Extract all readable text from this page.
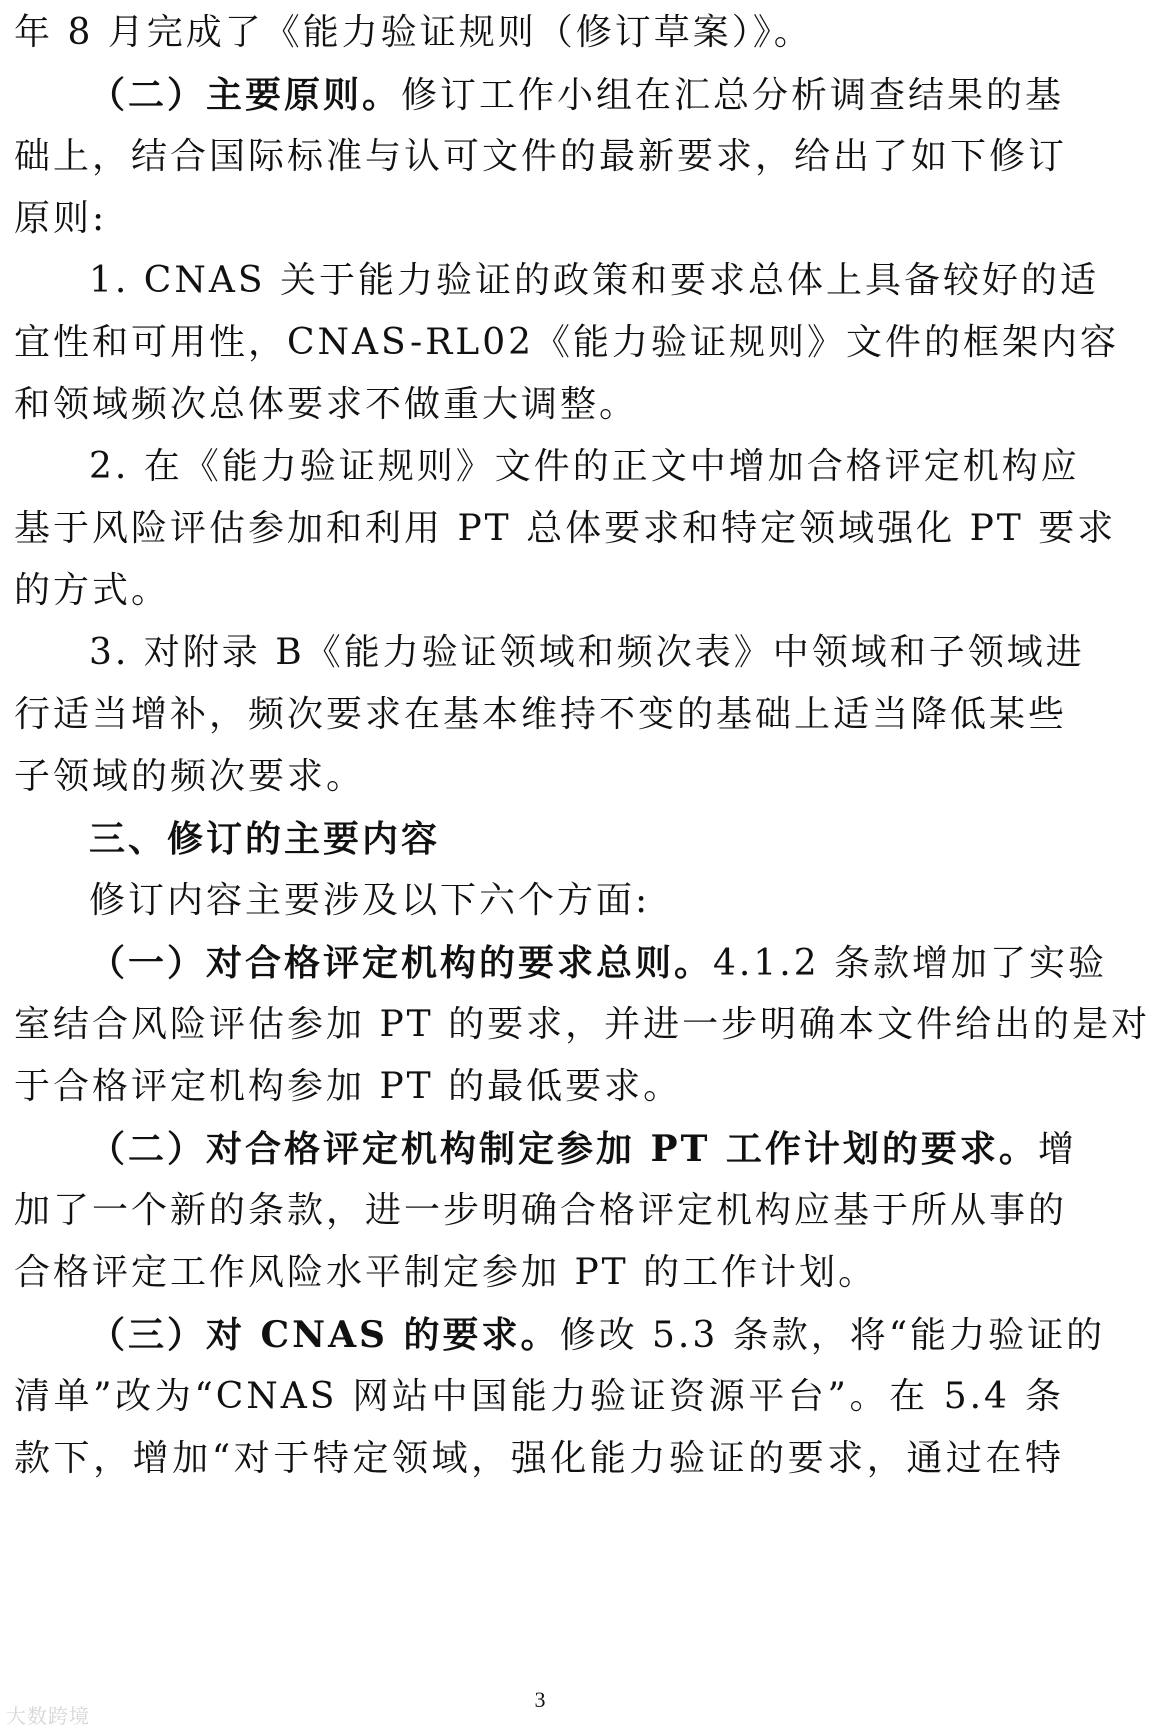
年 8 月完成了《能力验证规则（修订草案）》。
（二）主要原则。修订工作小组在汇总分析调查结果的基
础上，结合国际标准与认可文件的最新要求，给出了如下修订
原则:
1. CNAS 关于能力验证的政策和要求总体上具备较好的适
宜性和可用性，CNAS-RL02《能力验证规则》文件的框架内容
和领域频次总体要求不做重大调整。
2. 在《能力验证规则》文件的正文中增加合格评定机构应
基于风险评估参加和利用 PT 总体要求和特定领域强化 PT 要求
的方式。
3. 对附录 B《能力验证领域和频次表》中领域和子领域进
行适当增补，频次要求在基本维持不变的基础上适当降低某些
子领域的频次要求。
三、修订的主要内容
修订内容主要涉及以下六个方面:
（一）对合格评定机构的要求总则。4.1.2 条款增加了实验
室结合风险评估参加 PT 的要求，并进一步明确本文件给出的是对
于合格评定机构参加 PT 的最低要求。
（二）对合格评定机构制定参加 PT 工作计划的要求。增
加了一个新的条款，进一步明确合格评定机构应基于所从事的
合格评定工作风险水平制定参加 PT 的工作计划。
（三）对 CNAS 的要求。修改 5.3 条款，将“能力验证的
清单”改为“CNAS 网站中国能力验证资源平台”。在 5.4 条
款下，增加“对于特定领域，强化能力验证的要求，通过在特
3
大数跨境
